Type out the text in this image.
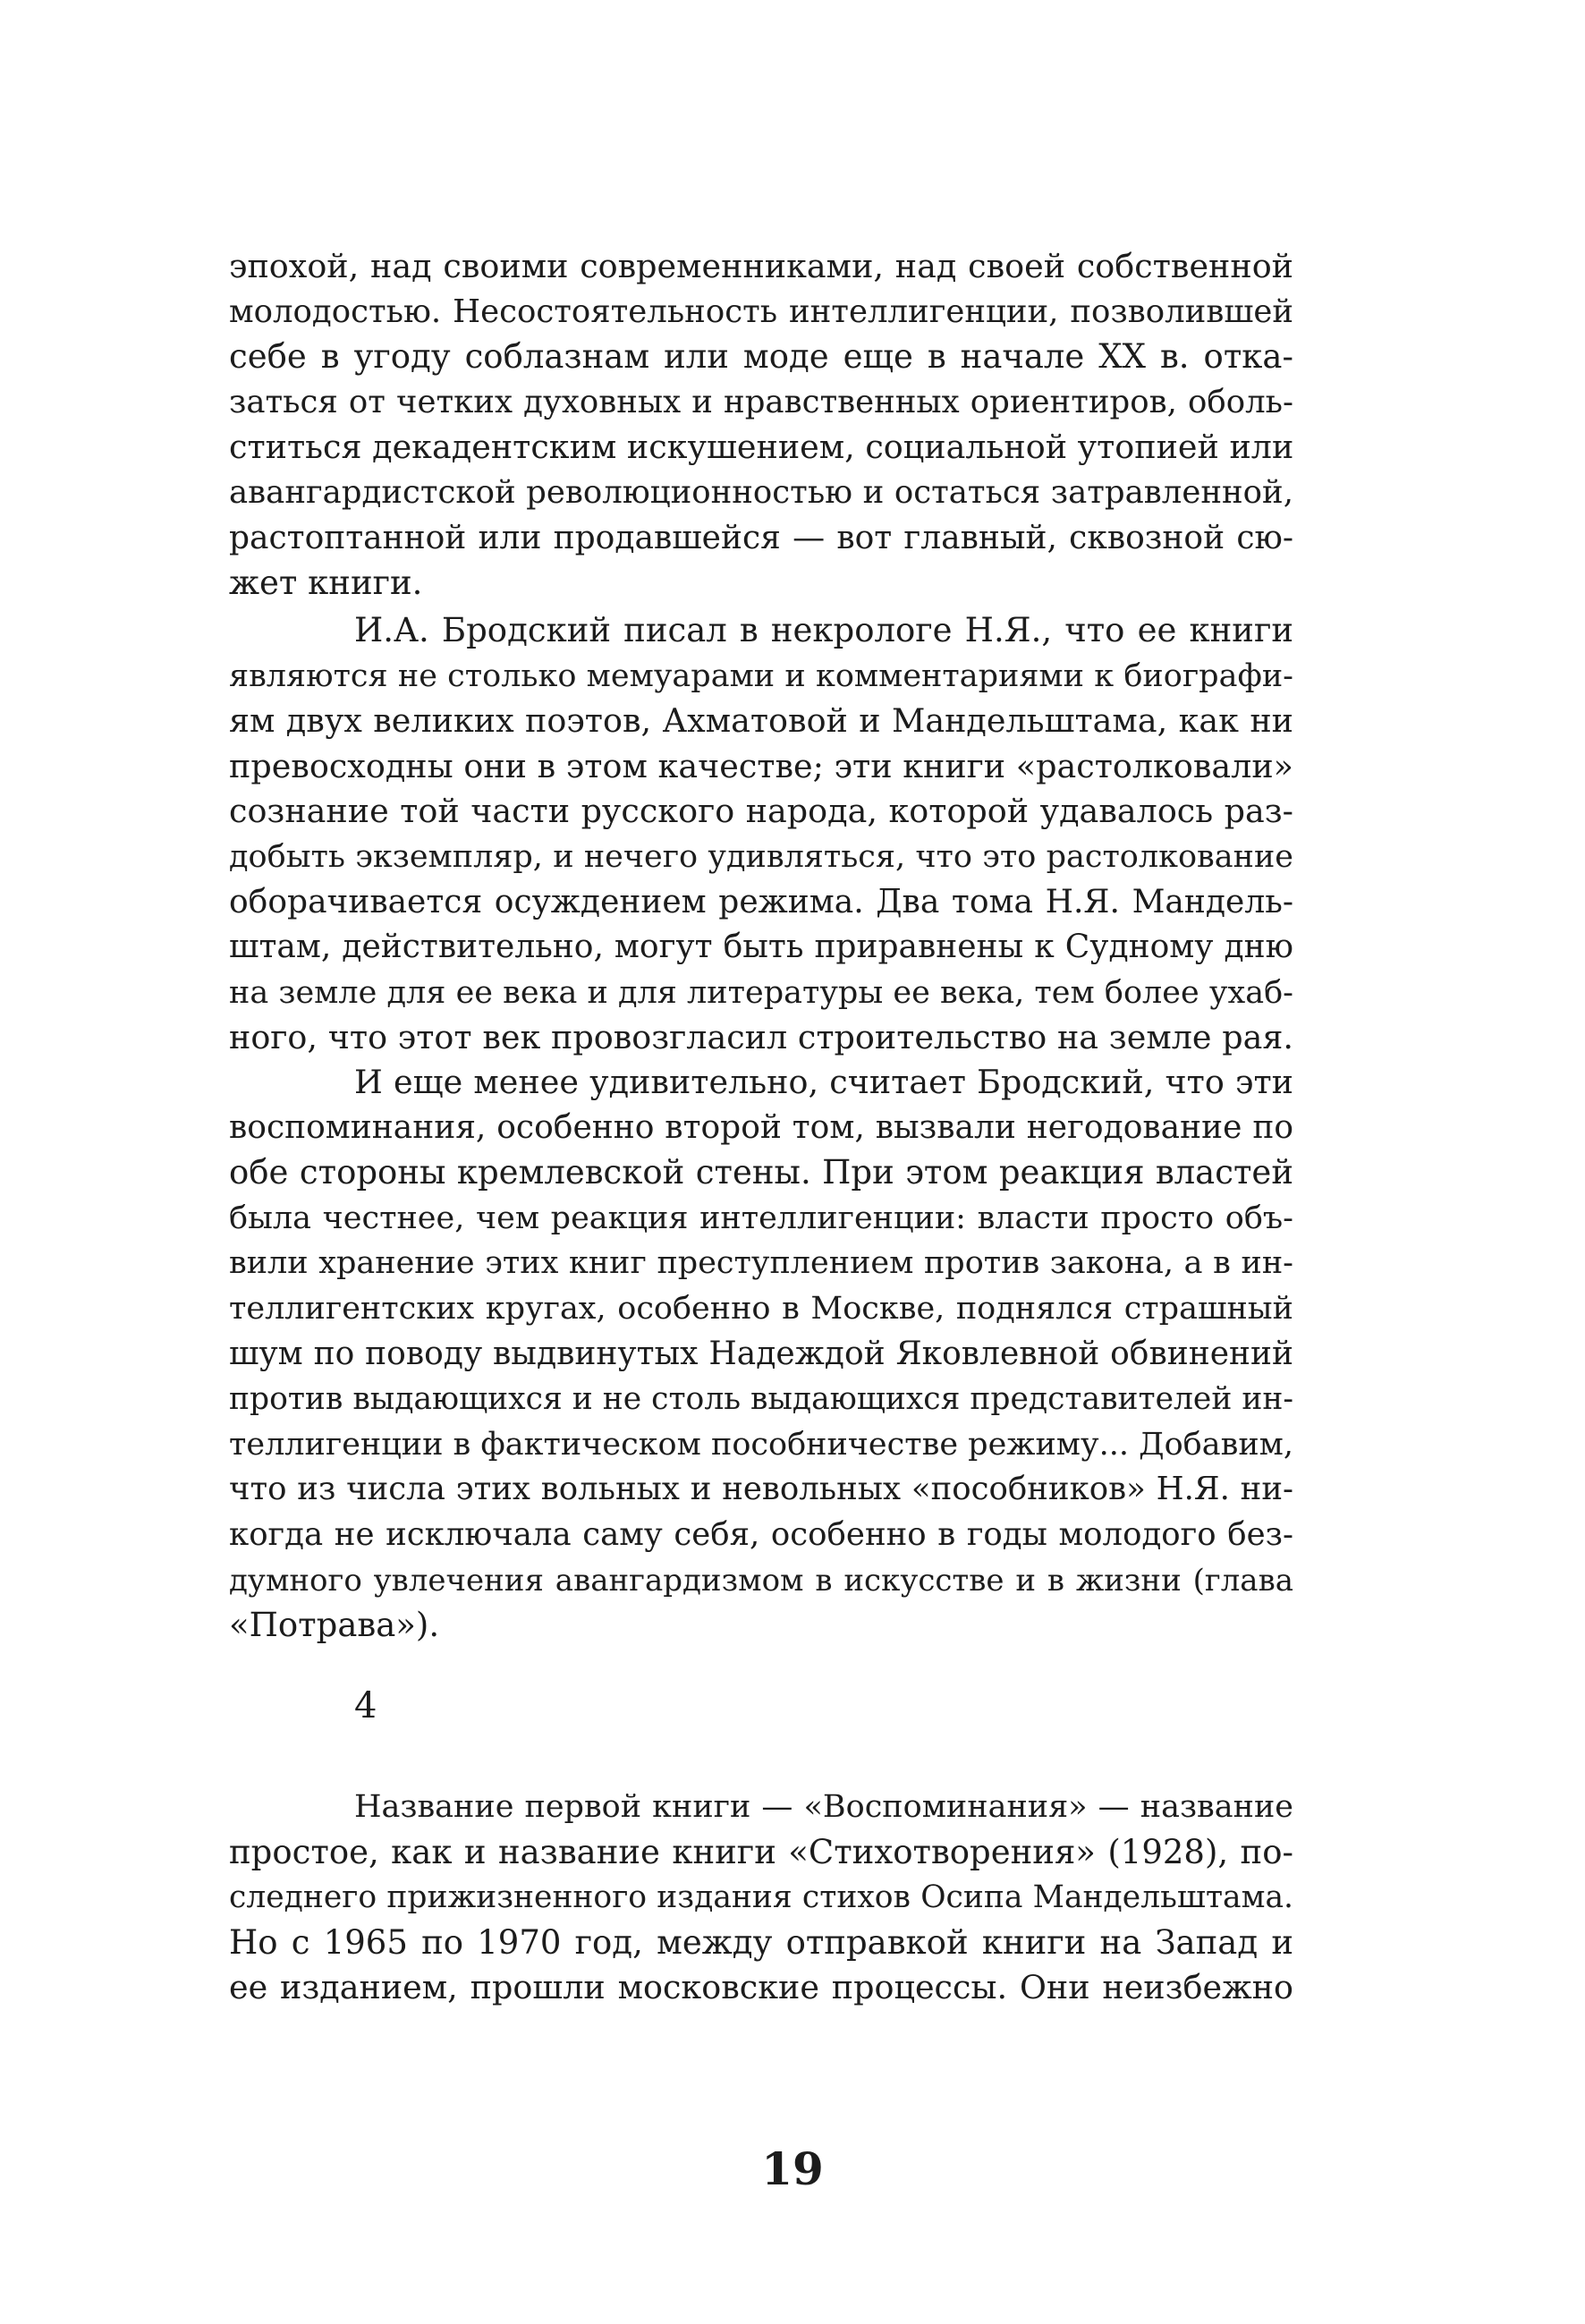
эпохой, над своими современниками, над своей собственной
молодостью. Несостоятельность интеллигенции, позволившей
себе в угоду соблазнам или моде еще в начале ХХ в. отка-
заться от четких духовных и нравственных ориентиров, оболь-
ститься декадентским искушением, социальной утопией или
авангардистской революционностью и остаться затравленной,
растоптанной или продавшейся — вот главный, сквозной сю-
жет книги.
И.А. Бродский писал в некрологе Н.Я., что ее книги
являются не столько мемуарами и комментариями к биографи-
ям двух великих поэтов, Ахматовой и Мандельштама, как ни
превосходны они в этом качестве; эти книги «растолковали»
сознание той части русского народа, которой удавалось раз-
добыть экземпляр, и нечего удивляться, что это растолкование
оборачивается осуждением режима. Два тома Н.Я. Мандель-
штам, действительно, могут быть приравнены к Судному дню
на земле для ее века и для литературы ее века, тем более ухаб-
ного, что этот век провозгласил строительство на земле рая.
И еще менее удивительно, считает Бродский, что эти
воспоминания, особенно второй том, вызвали негодование по
обе стороны кремлевской стены. При этом реакция властей
была честнее, чем реакция интеллигенции: власти просто объ-
вили хранение этих книг преступлением против закона, а в ин-
теллигентских кругах, особенно в Москве, поднялся страшный
шум по поводу выдвинутых Надеждой Яковлевной обвинений
против выдающихся и не столь выдающихся представителей ин-
теллигенции в фактическом пособничестве режиму... Добавим,
что из числа этих вольных и невольных «пособников» Н.Я. ни-
когда не исключала саму себя, особенно в годы молодого без-
думного увлечения авангардизмом в искусстве и в жизни (глава
«Потрава»).
4
Название первой книги — «Воспоминания» — название
простое, как и название книги «Стихотворения» (1928), по-
следнего прижизненного издания стихов Осипа Мандельштама.
Но с 1965 по 1970 год, между отправкой книги на Запад и
ее изданием, прошли московские процессы. Они неизбежно
19
